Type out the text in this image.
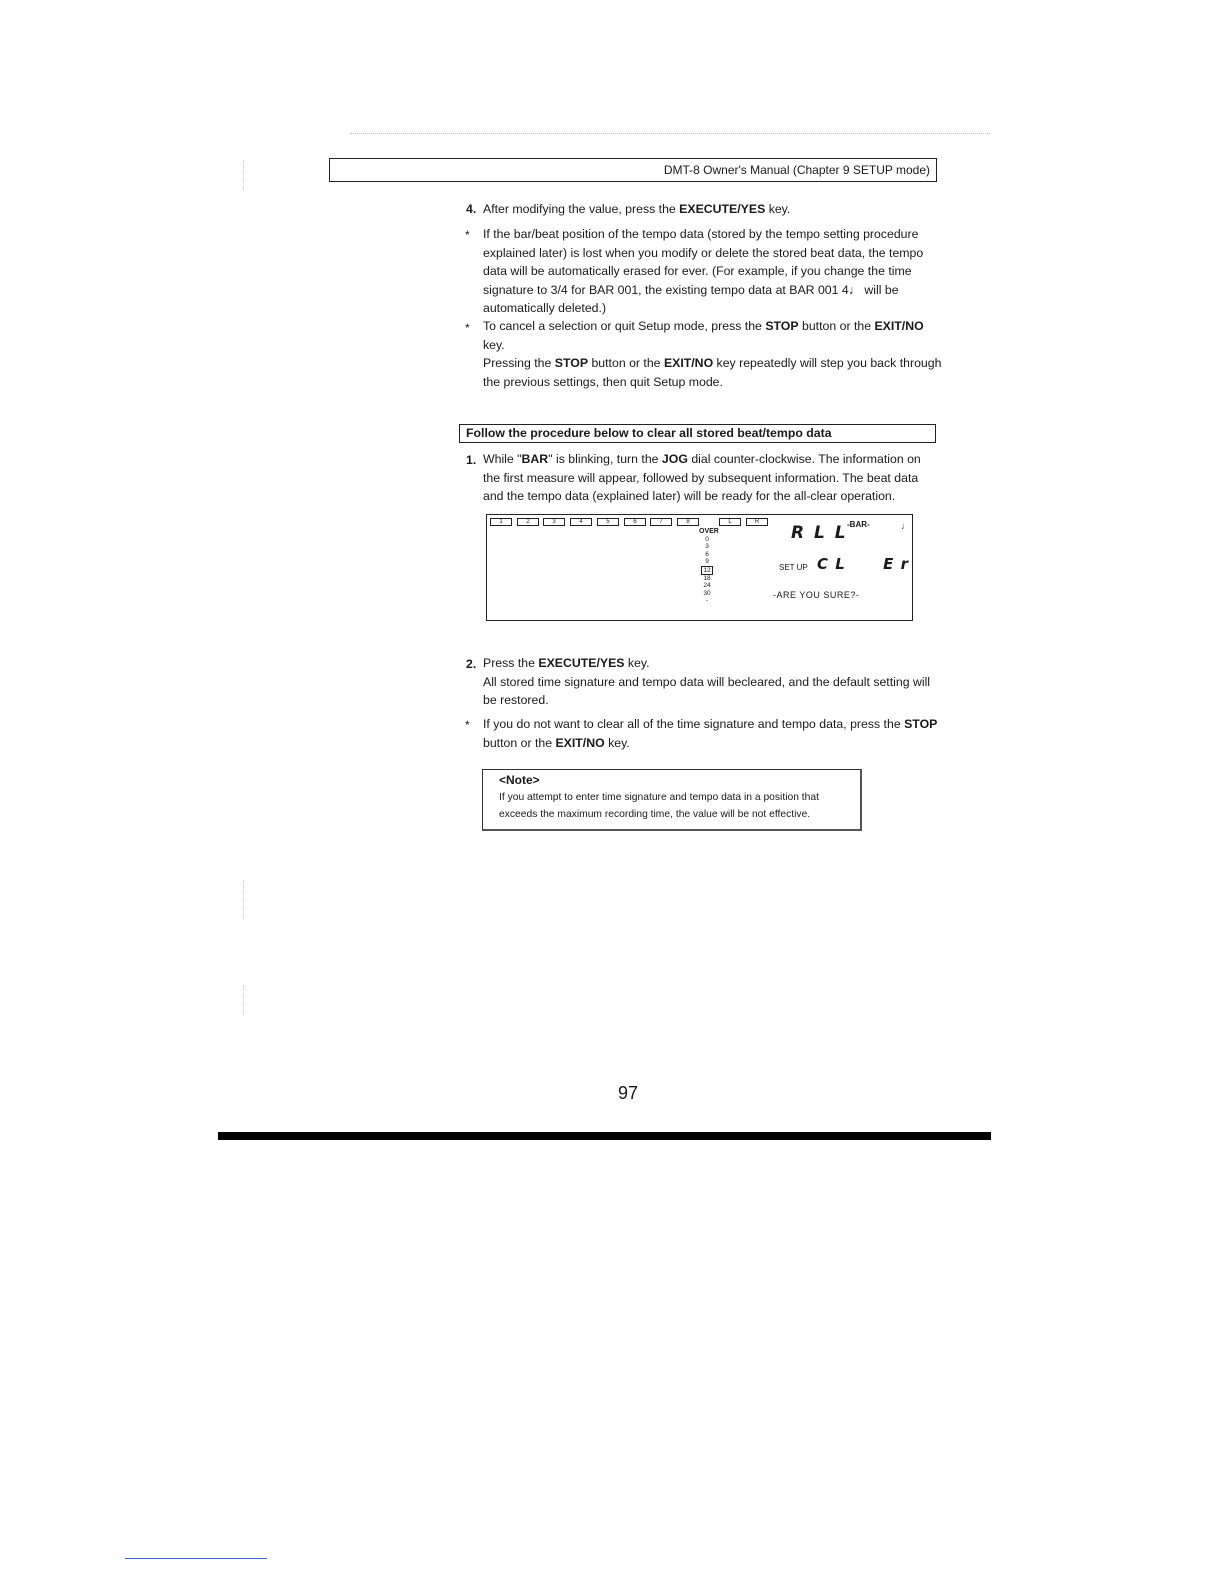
DMT-8 Owner's Manual (Chapter 9 SETUP mode)
4. After modifying the value, press the EXECUTE/YES key.
* If the bar/beat position of the tempo data (stored by the tempo setting procedure
explained later) is lost when you modify or delete the stored beat data, the tempo
data will be automatically erased for ever. (For example, if you change the time
signature to 3/4 for BAR 001, the existing tempo data at BAR 001 4♩ will be
automatically deleted.)
* To cancel a selection or quit Setup mode, press the STOP button or the EXIT/NO
key.
Pressing the STOP button or the EXIT/NO key repeatedly will step you back through
the previous settings, then quit Setup mode.
Follow the procedure below to clear all stored beat/tempo data
1. While "BAR" is blinking, turn the JOG dial counter-clockwise. The information on
the first measure will appear, followed by subsequent information. The beat data
and the tempo data (explained later) will be ready for the all-clear operation.
1	2	3	4	5	6	7	8	L	R
OVER
0
3
6
9
12
18
24
30
-
R L L -BAR-	♩
SET UP C L      E r
-ARE YOU SURE?-
2. Press the EXECUTE/YES key.
All stored time signature and tempo data will becleared, and the default setting will
be restored.
* If you do not want to clear all of the time signature and tempo data, press the STOP
button or the EXIT/NO key.
<Note>
If you attempt to enter time signature and tempo data in a position that
exceeds the maximum recording time, the value will be not effective.
97
